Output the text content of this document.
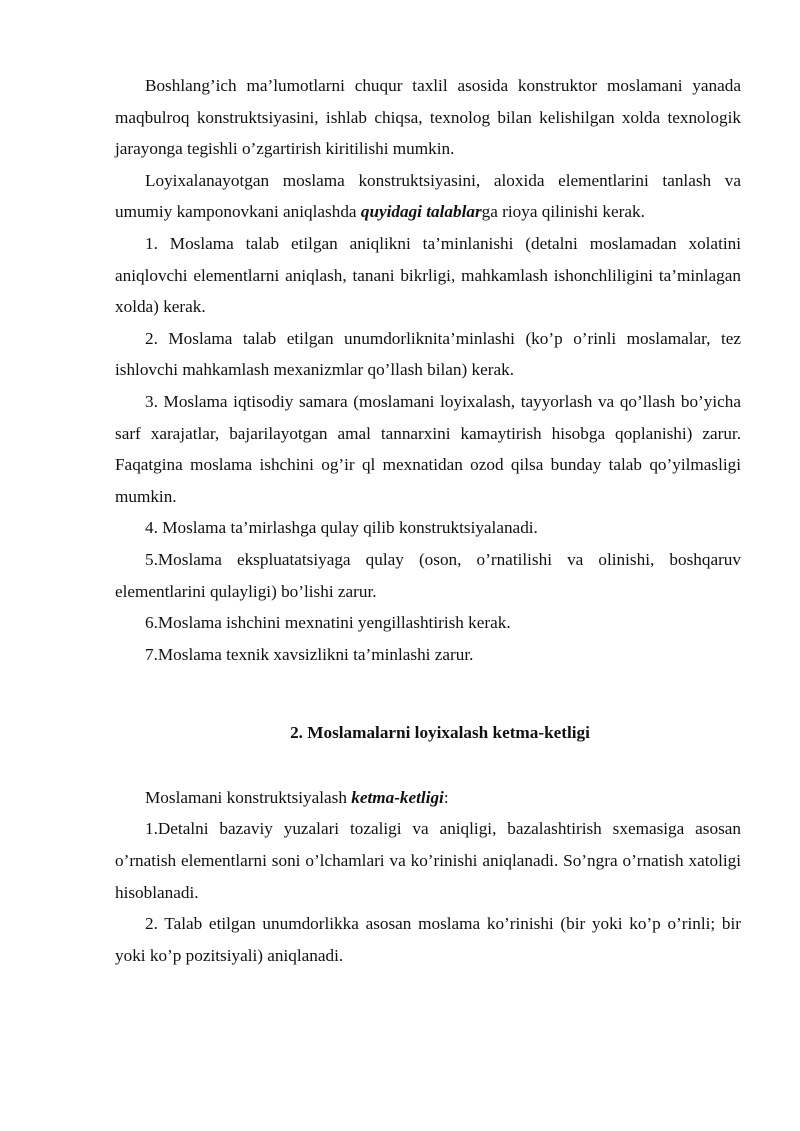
Boshlang’ich ma’lumotlarni chuqur taxlil asosida konstruktor moslamani yanada maqbulroq konstruktsiyasini, ishlab chiqsa, texnolog bilan kelishilgan xolda texnologik jarayonga tegishli o’zgartirish kiritilishi mumkin.

Loyixalanayotgan moslama konstruktsiyasini, aloxida elementlarini tanlash va umumiy kamponovkani aniqlashda quyidagi talablarga rioya qilinishi kerak.

1. Moslama talab etilgan aniqlikni ta’minlanishi (detalni moslamadan xolatini aniqlovchi elementlarni aniqlash, tanani bikrligi, mahkamlash ishonchliligini ta’minlagan xolda) kerak.

2. Moslama talab etilgan unumdorliknita’minlashi (ko’p o’rinli moslamalar, tez ishlovchi mahkamlash mexanizmlar qo’llash bilan) kerak.

3. Moslama iqtisodiy samara (moslamani loyixalash, tayyorlash va qo’llash bo’yicha sarf xarajatlar, bajarilayotgan amal tannarxini kamaytirish hisobga qoplanishi) zarur. Faqatgina moslama ishchini og’ir ql mexnatidan ozod qilsa bunday talab qo’yilmasligi mumkin.

4. Moslama ta’mirlashga qulay qilib konstruktsiyalanadi.

5.Moslama ekspluatatsiyaga qulay (oson, o’rnatilishi va olinishi, boshqaruv elementlarini qulayligi) bo’lishi zarur.

6.Moslama ishchini mexnatini yengillashtirish kerak.

7.Moslama texnik xavsizlikni ta’minlashi zarur.

2. Moslamalarni loyixalash ketma-ketligi

Moslamani konstruktsiyalash ketma-ketligi:

1.Detalni bazaviy yuzalari tozaligi va aniqligi, bazalashtirish sxemasiga asosan o’rnatish elementlarni soni o’lchamlari va ko’rinishi aniqlanadi. So’ngra o’rnatish xatoligi hisoblanadi.

2. Talab etilgan unumdorlikka asosan moslama ko’rinishi (bir yoki ko’p o’rinli; bir yoki ko’p pozitsiyali) aniqlanadi.
